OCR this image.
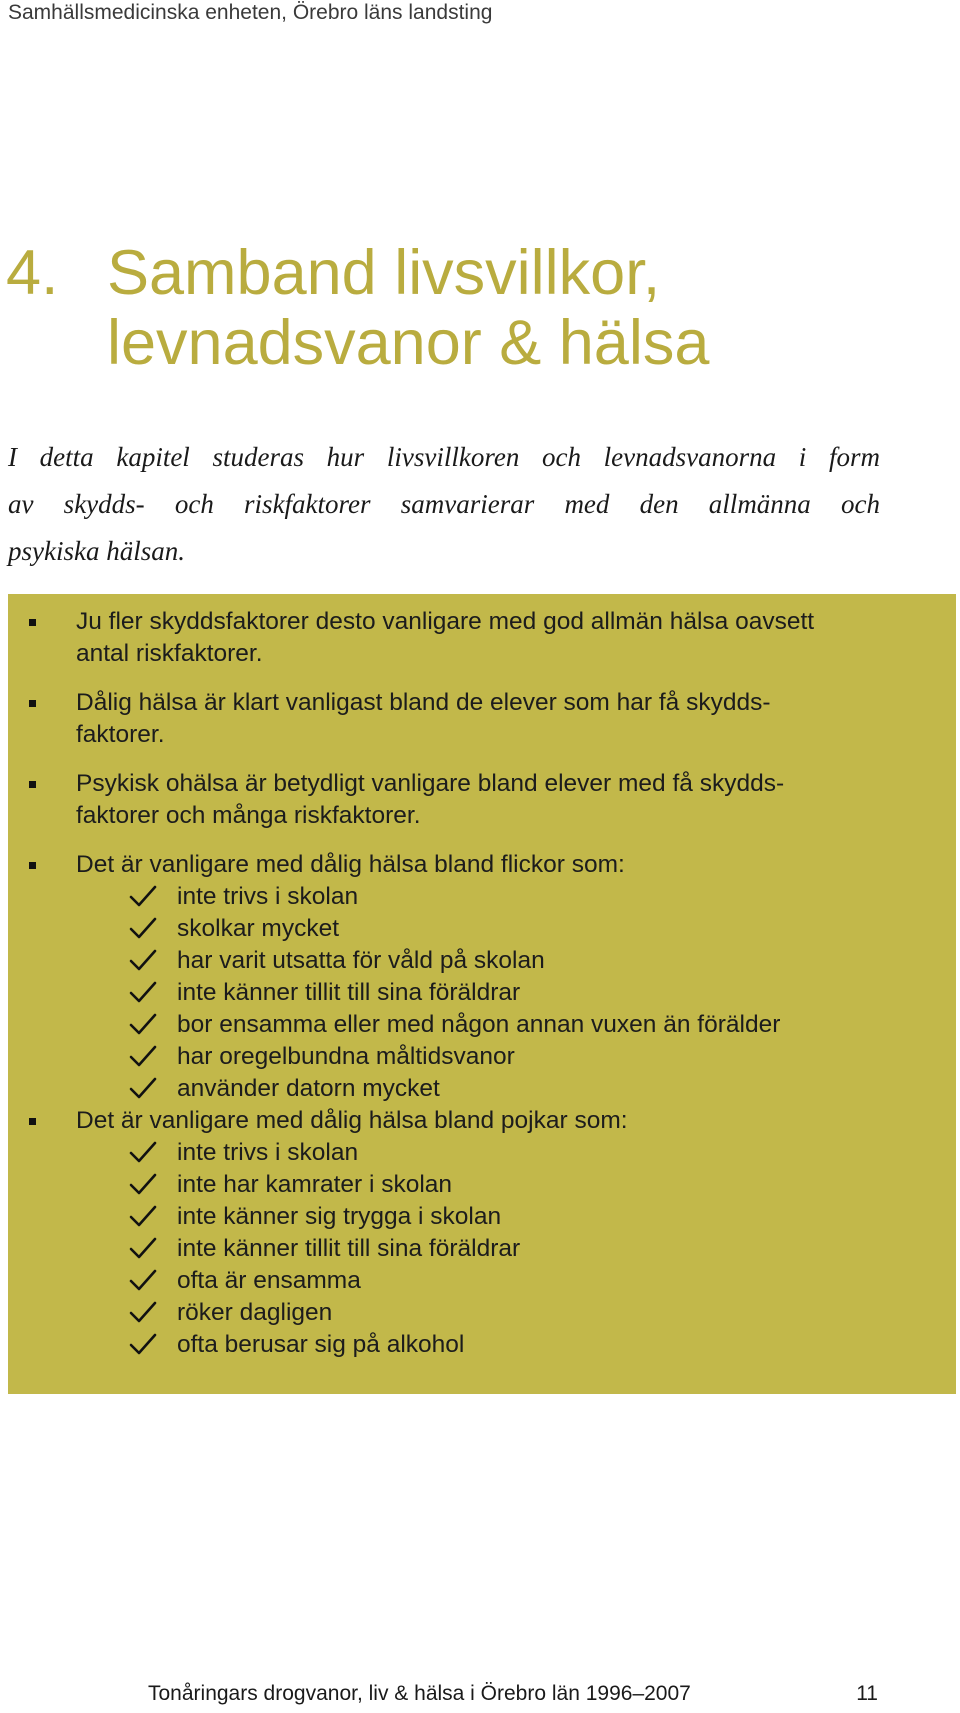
Samhällsmedicinska enheten, Örebro läns landsting
4. Samband livsvillkor,
levnadsvanor & hälsa

I detta kapitel studeras hur livsvillkoren och levnadsvanorna i form
av skydds- och riskfaktorer samvarierar med den allmänna och
psykiska hälsan.

Ju fler skyddsfaktorer desto vanligare med god allmän hälsa oavsett
antal riskfaktorer.
Dålig hälsa är klart vanligast bland de elever som har få skydds-
faktorer.
Psykisk ohälsa är betydligt vanligare bland elever med få skydds-
faktorer och många riskfaktorer.
Det är vanligare med dålig hälsa bland flickor som:
inte trivs i skolan
skolkar mycket
har varit utsatta för våld på skolan
inte känner tillit till sina föräldrar
bor ensamma eller med någon annan vuxen än förälder
har oregelbundna måltidsvanor
använder datorn mycket
Det är vanligare med dålig hälsa bland pojkar som:
inte trivs i skolan
inte har kamrater i skolan
inte känner sig trygga i skolan
inte känner tillit till sina föräldrar
ofta är ensamma
röker dagligen
ofta berusar sig på alkohol
Tonåringars drogvanor, liv & hälsa i Örebro län 1996–2007	11
